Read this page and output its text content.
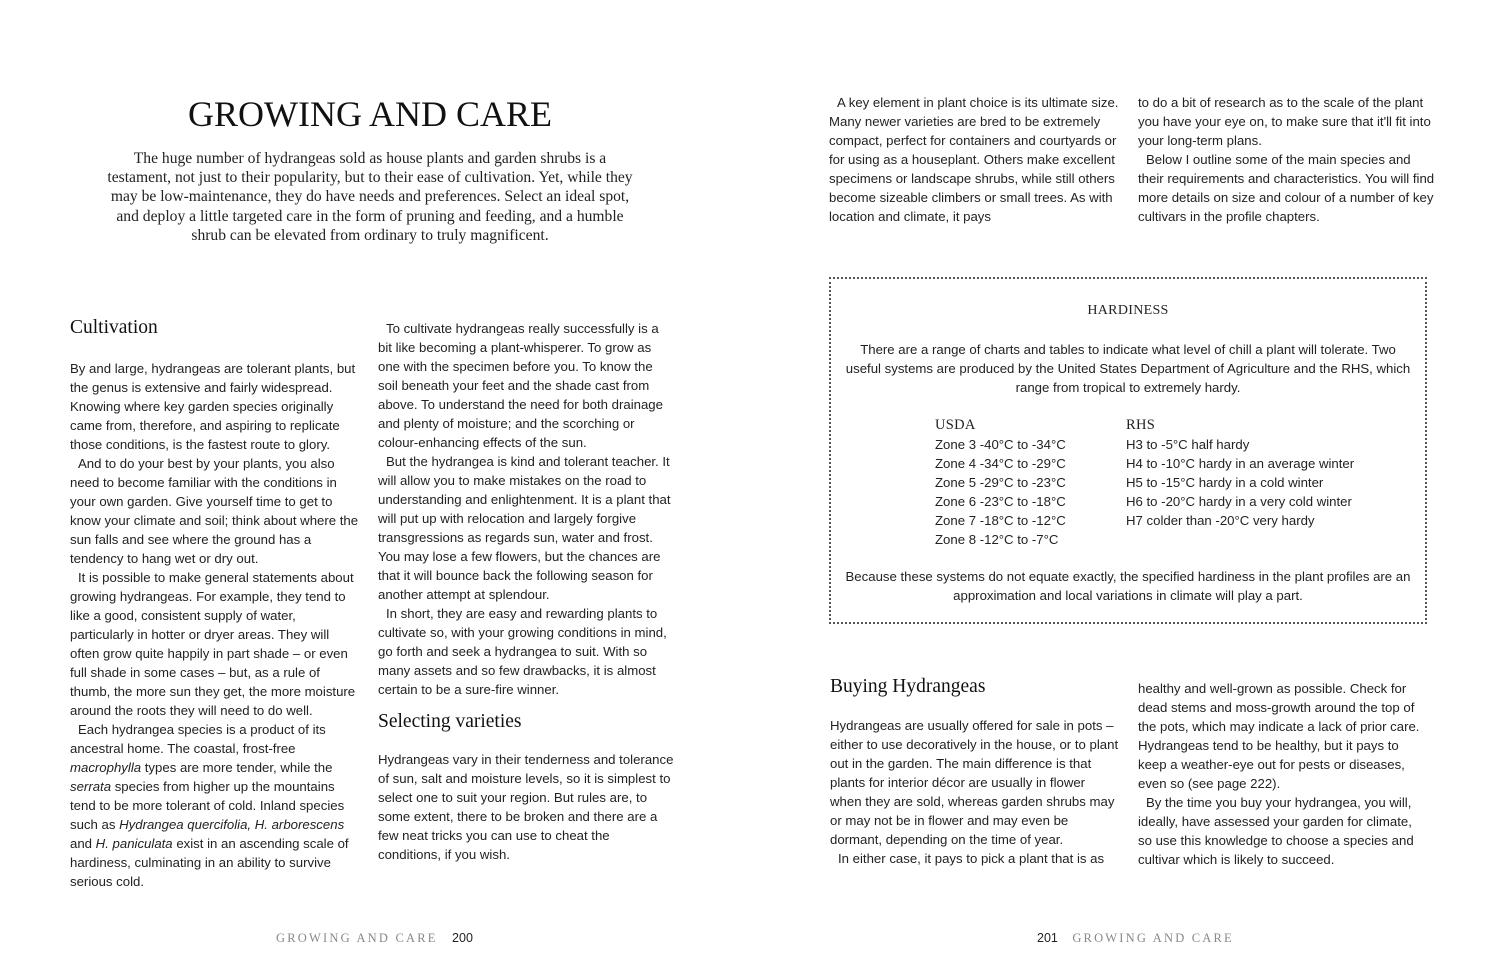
GROWING AND CARE
The huge number of hydrangeas sold as house plants and garden shrubs is a testament, not just to their popularity, but to their ease of cultivation. Yet, while they may be low-maintenance, they do have needs and preferences. Select an ideal spot, and deploy a little targeted care in the form of pruning and feeding, and a humble shrub can be elevated from ordinary to truly magnificent.
Cultivation

By and large, hydrangeas are tolerant plants, but the genus is extensive and fairly widespread. Knowing where key garden species originally came from, therefore, and aspiring to replicate those conditions, is the fastest route to glory.

And to do your best by your plants, you also need to become familiar with the conditions in your own garden. Give yourself time to get to know your climate and soil; think about where the sun falls and see where the ground has a tendency to hang wet or dry out.

It is possible to make general statements about growing hydrangeas. For example, they tend to like a good, consistent supply of water, particularly in hotter or dryer areas. They will often grow quite happily in part shade – or even full shade in some cases – but, as a rule of thumb, the more sun they get, the more moisture around the roots they will need to do well.

Each hydrangea species is a product of its ancestral home. The coastal, frost-free macrophylla types are more tender, while the serrata species from higher up the mountains tend to be more tolerant of cold. Inland species such as Hydrangea quercifolia, H. arborescens and H. paniculata exist in an ascending scale of hardiness, culminating in an ability to survive serious cold.

To cultivate hydrangeas really successfully is a bit like becoming a plant-whisperer. To grow as one with the specimen before you. To know the soil beneath your feet and the shade cast from above. To understand the need for both drainage and plenty of moisture; and the scorching or colour-enhancing effects of the sun.

But the hydrangea is kind and tolerant teacher. It will allow you to make mistakes on the road to understanding and enlightenment. It is a plant that will put up with relocation and largely forgive transgressions as regards sun, water and frost. You may lose a few flowers, but the chances are that it will bounce back the following season for another attempt at splendour.

In short, they are easy and rewarding plants to cultivate so, with your growing conditions in mind, go forth and seek a hydrangea to suit. With so many assets and so few drawbacks, it is almost certain to be a sure-fire winner.

Selecting varieties

Hydrangeas vary in their tenderness and tolerance of sun, salt and moisture levels, so it is simplest to select one to suit your region. But rules are, to some extent, there to be broken and there are a few neat tricks you can use to cheat the conditions, if you wish.

GROWING AND CARE 200

A key element in plant choice is its ultimate size. Many newer varieties are bred to be extremely compact, perfect for containers and courtyards or for using as a houseplant. Others make excellent specimens or landscape shrubs, while still others become sizeable climbers or small trees. As with location and climate, it pays

to do a bit of research as to the scale of the plant you have your eye on, to make sure that it'll fit into your long-term plans.

Below I outline some of the main species and their requirements and characteristics. You will find more details on size and colour of a number of key cultivars in the profile chapters.

HARDINESS
There are a range of charts and tables to indicate what level of chill a plant will tolerate. Two useful systems are produced by the United States Department of Agriculture and the RHS, which range from tropical to extremely hardy.
USDA
Zone 3 -40°C to -34°C
Zone 4 -34°C to -29°C
Zone 5 -29°C to -23°C
Zone 6 -23°C to -18°C
Zone 7 -18°C to -12°C
Zone 8 -12°C to -7°C
RHS
H3 to -5°C half hardy
H4 to -10°C hardy in an average winter
H5 to -15°C hardy in a cold winter
H6 to -20°C hardy in a very cold winter
H7 colder than -20°C very hardy
Because these systems do not equate exactly, the specified hardiness in the plant profiles are an approximation and local variations in climate will play a part.
Buying Hydrangeas

Hydrangeas are usually offered for sale in pots – either to use decoratively in the house, or to plant out in the garden. The main difference is that plants for interior décor are usually in flower when they are sold, whereas garden shrubs may or may not be in flower and may even be dormant, depending on the time of year.

In either case, it pays to pick a plant that is as

healthy and well-grown as possible. Check for dead stems and moss-growth around the top of the pots, which may indicate a lack of prior care. Hydrangeas tend to be healthy, but it pays to keep a weather-eye out for pests or diseases, even so (see page 222).

By the time you buy your hydrangea, you will, ideally, have assessed your garden for climate, so use this knowledge to choose a species and cultivar which is likely to succeed.

201 GROWING AND CARE
